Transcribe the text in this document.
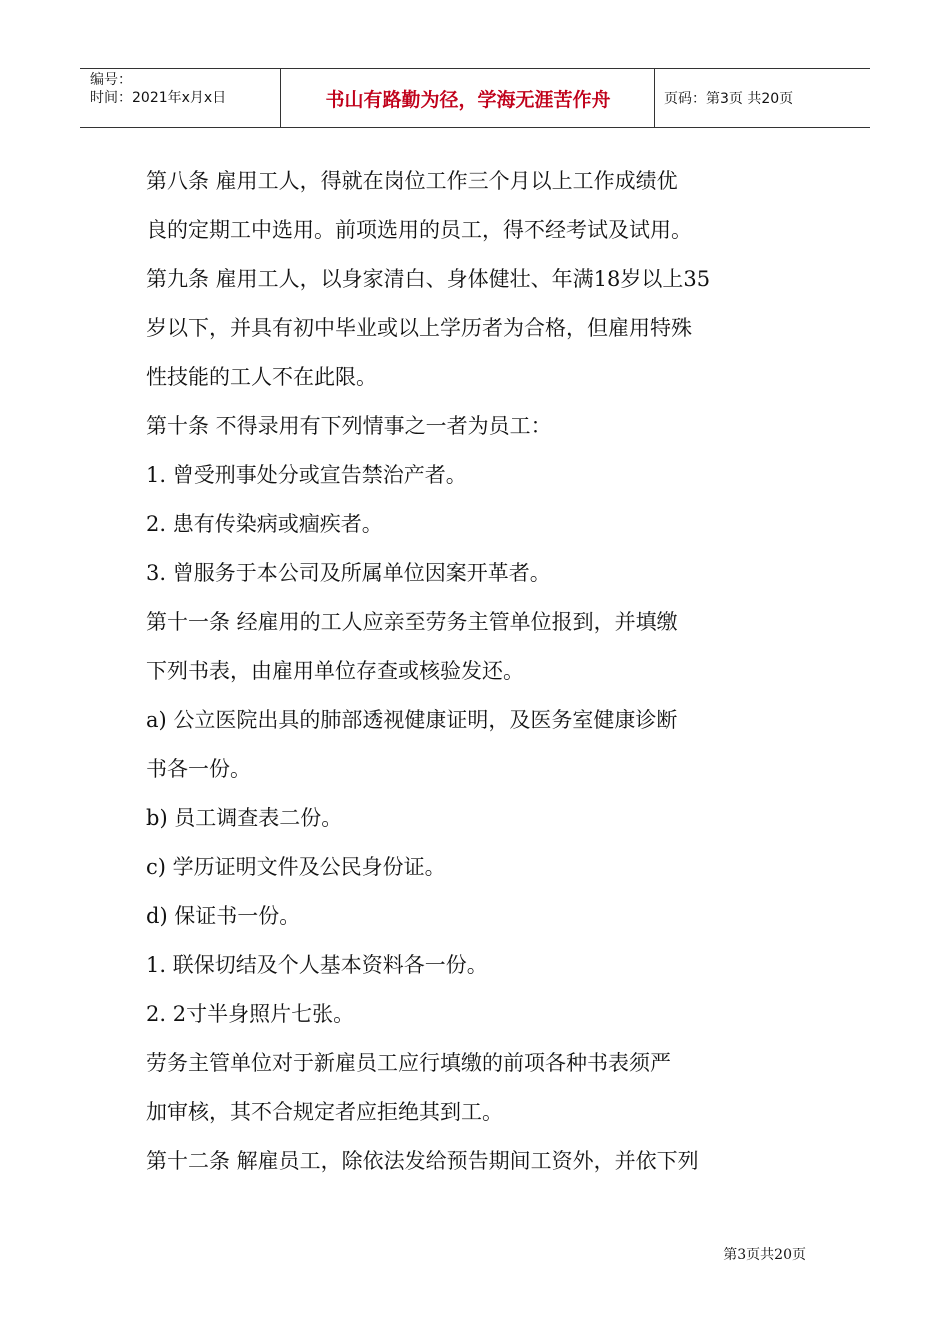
编号：
时间：2021年x月x日	书山有路勤为径，学海无涯苦作舟	页码：第3页 共20页
第八条 雇用工人，得就在岗位工作三个月以上工作成绩优
良的定期工中选用。前项选用的员工，得不经考试及试用。
第九条 雇用工人，以身家清白、身体健壮、年满18岁以上35
岁以下，并具有初中毕业或以上学历者为合格，但雇用特殊
性技能的工人不在此限。
第十条 不得录用有下列情事之一者为员工：
1. 曾受刑事处分或宣告禁治产者。
2. 患有传染病或痼疾者。
3. 曾服务于本公司及所属单位因案开革者。
第十一条 经雇用的工人应亲至劳务主管单位报到，并填缴
下列书表，由雇用单位存查或核验发还。
a) 公立医院出具的肺部透视健康证明，及医务室健康诊断
书各一份。
b) 员工调查表二份。
c) 学历证明文件及公民身份证。
d) 保证书一份。
1. 联保切结及个人基本资料各一份。
2. 2寸半身照片七张。
劳务主管单位对于新雇员工应行填缴的前项各种书表须严
加审核，其不合规定者应拒绝其到工。
第十二条 解雇员工，除依法发给预告期间工资外，并依下列
第3页共20页
